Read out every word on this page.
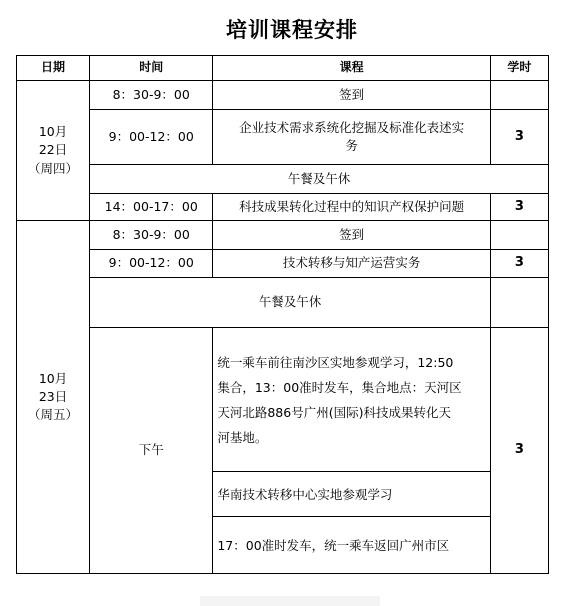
培训课程安排
日期	时间	课程	学时

10月
22日
（周四）	8：30-9：00	签到	
	9：00-12：00	企业技术需求系统化挖掘及标准化表述实
务	3
	午餐及午休		
	14：00-17：00	科技成果转化过程中的知识产权保护问题	3

10月
23日
（周五）	8：30-9：00	签到	
	9：00-12：00	技术转移与知产运营实务	3
	午餐及午休		
	下午	统一乘车前往南沙区实地参观学习，12:50
集合，13：00准时发车，集合地点：天河区
天河北路886号广州(国际)科技成果转化天
河基地。	3
		华南技术转移中心实地参观学习	
		17：00准时发车，统一乘车返回广州市区	
